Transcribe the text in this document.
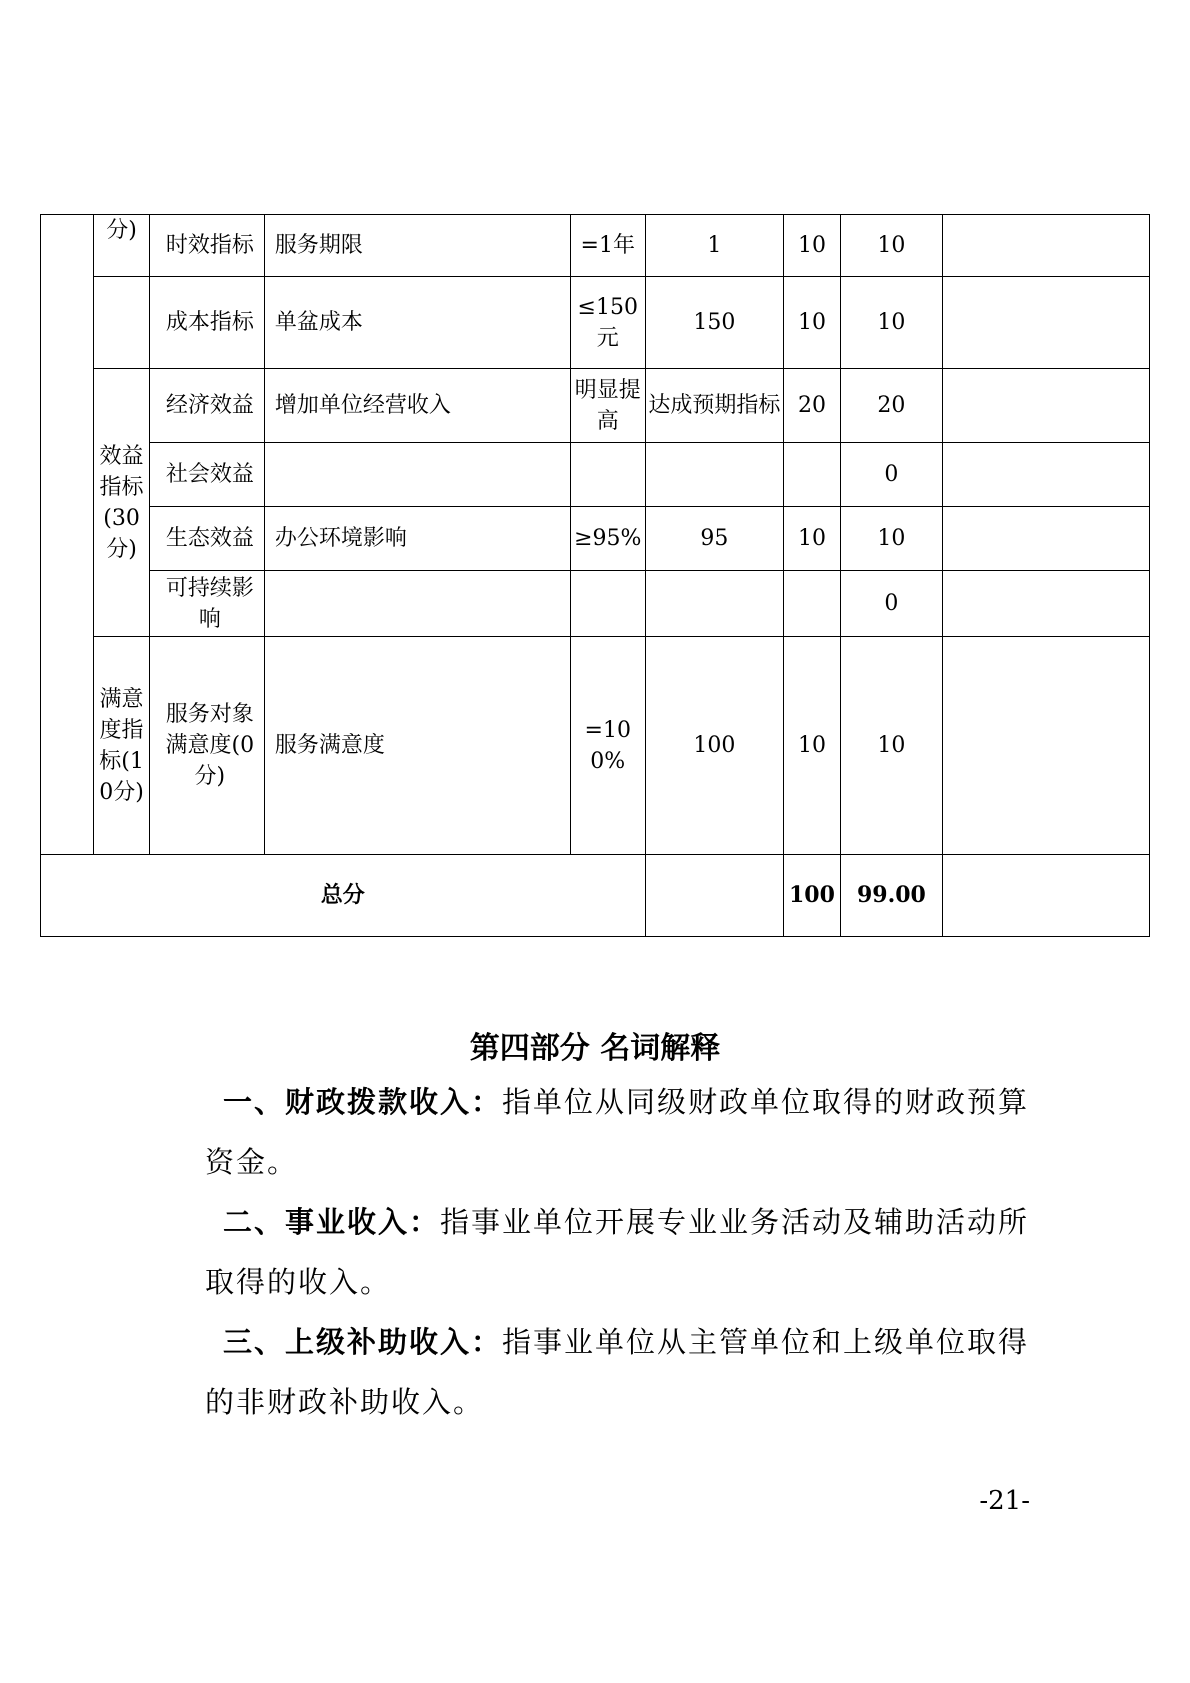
	分)	时效指标	服务期限	=1年	1	10	10	
		成本指标	单盆成本	≤150元	150	10	10	
	效益指标(30分)	经济效益	增加单位经营收入	明显提高	达成预期指标	20	20	
		社会效益					0	
		生态效益	办公环境影响	≥95%	95	10	10	
		可持续影响					0	
	满意度指标(10分)	服务对象满意度(0分)	服务满意度	=100%	100	10	10	
总分						100	99.00	
第四部分 名词解释
一、财政拨款收入：指单位从同级财政单位取得的财政预算资金。
二、事业收入：指事业单位开展专业业务活动及辅助活动所取得的收入。
三、上级补助收入：指事业单位从主管单位和上级单位取得的非财政补助收入。
-21-
